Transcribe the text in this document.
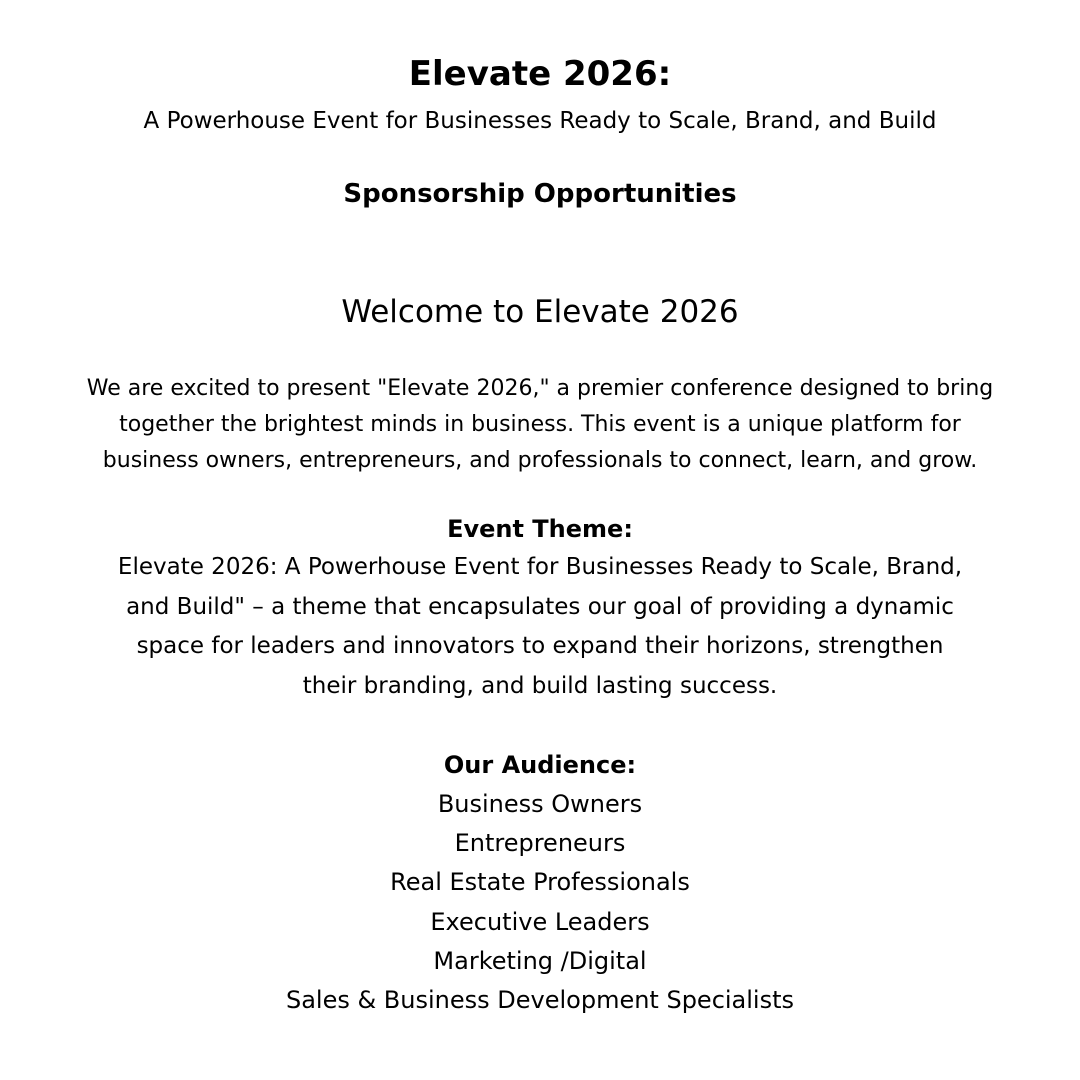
Elevate 2026:

A Powerhouse Event for Businesses Ready to Scale, Brand, and Build

Sponsorship Opportunities
Welcome to Elevate 2026

We are excited to present "Elevate 2026," a premier conference designed to bring
together the brightest minds in business. This event is a unique platform for
business owners, entrepreneurs, and professionals to connect, learn, and grow.

Event Theme:

Elevate 2026: A Powerhouse Event for Businesses Ready to Scale, Brand,
and Build" – a theme that encapsulates our goal of providing a dynamic
space for leaders and innovators to expand their horizons, strengthen
their branding, and build lasting success.

Our Audience:
Business Owners
Entrepreneurs
Real Estate Professionals
Executive Leaders
Marketing /Digital
Sales & Business Development Specialists
